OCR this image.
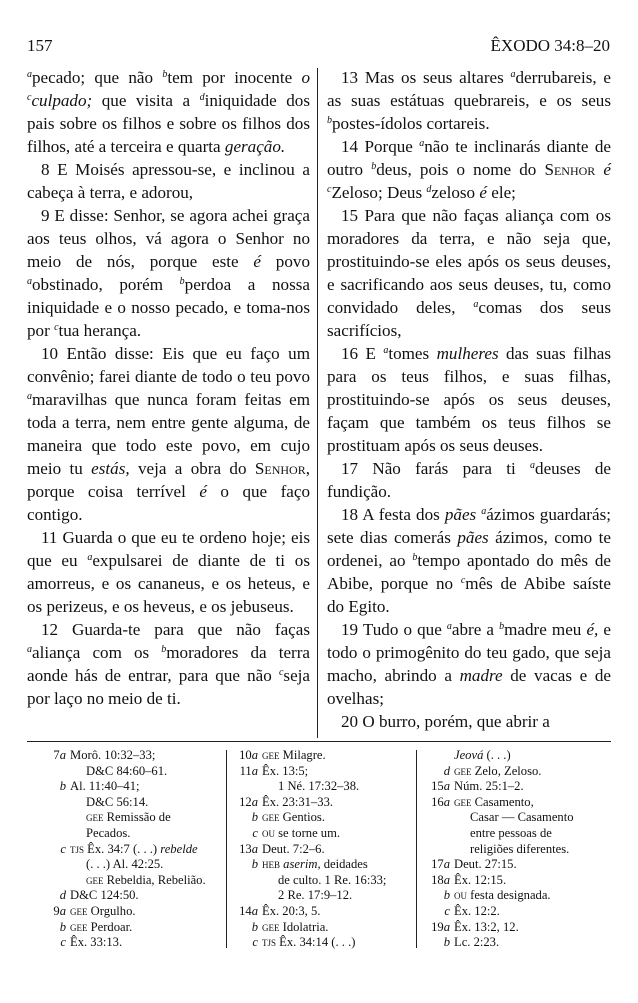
157	ÊXODO 34:8–20

$^a$pecado; que não $^b$tem por inocente o $^c$culpado; que visita a $^d$iniquidade dos pais sobre os filhos e sobre os filhos dos filhos, até a terceira e quarta geração.

8 E Moisés apressou-se, e inclinou a cabeça à terra, e adorou,

9 E disse: Senhor, se agora achei graça aos teus olhos, vá agora o Senhor no meio de nós, porque este é povo $^a$obstinado, porém $^b$perdoa a nossa iniquidade e o nosso pecado, e toma-nos por $^c$tua herança.

10 Então disse: Eis que eu faço um convênio; farei diante de todo o teu povo $^a$maravilhas que nunca foram feitas em toda a terra, nem entre gente alguma, de maneira que todo este povo, em cujo meio tu estás, veja a obra do Senhor, porque coisa terrível é o que faço contigo.

11 Guarda o que eu te ordeno hoje; eis que eu $^a$expulsarei de diante de ti os amorreus, e os cananeus, e os heteus, e os perizeus, e os heveus, e os jebuseus.

12 Guarda-te para que não faças $^a$aliança com os $^b$moradores da terra aonde hás de entrar, para que não $^c$seja por laço no meio de ti.

13 Mas os seus altares $^a$derrubareis, e as suas estátuas quebrareis, e os seus $^b$postes-ídolos cortareis.

14 Porque $^a$não te inclinarás diante de outro $^b$deus, pois o nome do Senhor é $^c$Zeloso; Deus $^d$zeloso é ele;

15 Para que não faças aliança com os moradores da terra, e não seja que, prostituindo-se eles após os seus deuses, e sacrificando aos seus deuses, tu, como convidado deles, $^a$comas dos seus sacrifícios,

16 E $^a$tomes mulheres das suas filhas para os teus filhos, e suas filhas, prostituindo-se após os seus deuses, façam que também os teus filhos se prostituam após os seus deuses.

17 Não farás para ti $^a$deuses de fundição.

18 A festa dos pães $^a$ázimos guardarás; sete dias comerás pães ázimos, como te ordenei, ao $^b$tempo apontado do mês de Abibe, porque no $^c$mês de Abibe saíste do Egito.

19 Tudo o que $^a$abre a $^b$madre meu é, e todo o primogênito do teu gado, que seja macho, abrindo a madre de vacas e de ovelhas;

20 O burro, porém, que abrir a

7a Morô. 10:32–33;
D&C 84:60–61.
b Al. 11:40–41;
D&C 56:14.
gee Remissão de
Pecados.
c tjs Êx. 34:7 (. . .) rebelde
(. . .) Al. 42:25.
gee Rebeldia, Rebelião.
d D&C 124:50.
9a gee Orgulho.
b gee Perdoar.
c Êx. 33:13.
10a gee Milagre.
11a Êx. 13:5;
1 Né. 17:32–38.
12a Êx. 23:31–33.
b gee Gentios.
c ou se torne um.
13a Deut. 7:2–6.
b heb aserim, deidades
de culto. 1 Re. 16:33;
2 Re. 17:9–12.
14a Êx. 20:3, 5.
b gee Idolatria.
c tjs Êx. 34:14 (. . .)
Jeová (. . .)
d gee Zelo, Zeloso.
15a Núm. 25:1–2.
16a gee Casamento,
Casar — Casamento
entre pessoas de
religiões diferentes.
17a Deut. 27:15.
18a Êx. 12:15.
b ou festa designada.
c Êx. 12:2.
19a Êx. 13:2, 12.
b Lc. 2:23.
